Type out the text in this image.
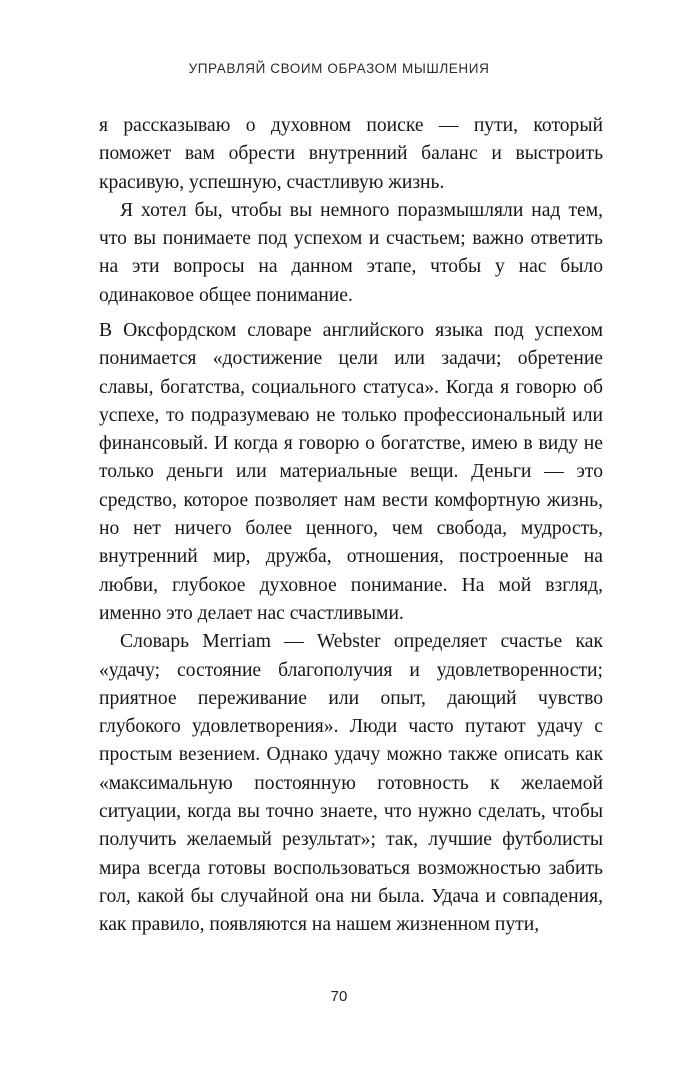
УПРАВЛЯЙ СВОИМ ОБРАЗОМ МЫШЛЕНИЯ

я рассказываю о духовном поиске — пути, который поможет вам обрести внутренний баланс и выстроить красивую, успешную, счастливую жизнь.

Я хотел бы, чтобы вы немного поразмышляли над тем, что вы понимаете под успехом и счастьем; важно ответить на эти вопросы на данном этапе, чтобы у нас было одинаковое общее понимание.

В Оксфордском словаре английского языка под успехом понимается «достижение цели или задачи; обретение славы, богатства, социального статуса». Когда я говорю об успехе, то подразумеваю не только профессиональный или финансовый. И когда я говорю о богатстве, имею в виду не только деньги или материальные вещи. Деньги — это средство, которое позволяет нам вести комфортную жизнь, но нет ничего более ценного, чем свобода, мудрость, внутренний мир, дружба, отношения, построенные на любви, глубокое духовное понимание. На мой взгляд, именно это делает нас счастливыми.

Словарь Merriam — Webster определяет счастье как «удачу; состояние благополучия и удовлетворенности; приятное переживание или опыт, дающий чувство глубокого удовлетворения». Люди часто путают удачу с простым везением. Однако удачу можно также описать как «максимальную постоянную готовность к желаемой ситуации, когда вы точно знаете, что нужно сделать, чтобы получить желаемый результат»; так, лучшие футболисты мира всегда готовы воспользоваться возможностью забить гол, какой бы случайной она ни была. Удача и совпадения, как правило, появляются на нашем жизненном пути,

70
